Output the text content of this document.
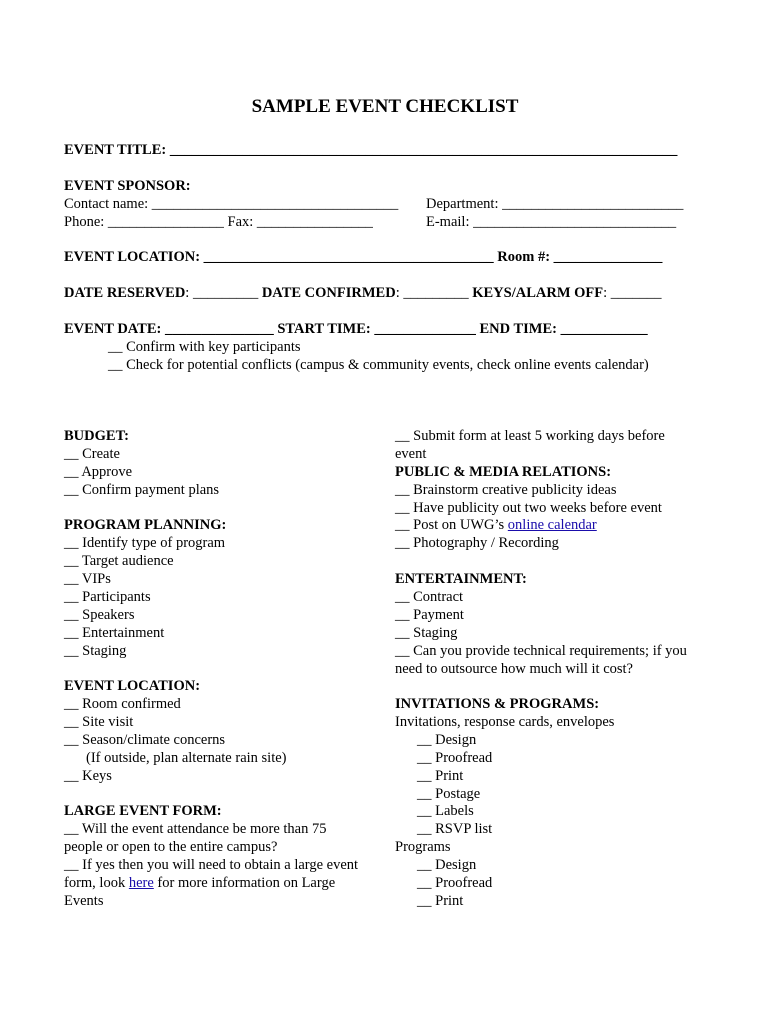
SAMPLE EVENT CHECKLIST
EVENT TITLE: ______________________________________________________________________
EVENT SPONSOR:
Contact name: __________________________________ Department: _________________________
Phone: ________________ Fax: ________________	E-mail: ____________________________
EVENT LOCATION: ________________________________________ Room #: _______________
DATE RESERVED: _________ DATE CONFIRMED: _________ KEYS/ALARM OFF: _______
EVENT DATE: _______________ START TIME: ______________ END TIME: ____________
__ Confirm with key participants
__ Check for potential conflicts (campus & community events, check online events calendar)
BUDGET:
__ Create
__ Approve
__ Confirm payment plans
PROGRAM PLANNING:
__ Identify type of program
__ Target audience
__ VIPs
__ Participants
__ Speakers
__ Entertainment
__ Staging
EVENT LOCATION:
__ Room confirmed
__ Site visit
__ Season/climate concerns
(If outside, plan alternate rain site)
__ Keys
LARGE EVENT FORM:
__ Will the event attendance be more than 75
people or open to the entire campus?
__ If yes then you will need to obtain a large event
form, look here for more information on Large
Events
__ Submit form at least 5 working days before
event
PUBLIC & MEDIA RELATIONS:
__ Brainstorm creative publicity ideas
__ Have publicity out two weeks before event
__ Post on UWG’s online calendar
__ Photography / Recording
ENTERTAINMENT:
__ Contract
__ Payment
__ Staging
__ Can you provide technical requirements; if you
need to outsource how much will it cost?
INVITATIONS & PROGRAMS:
Invitations, response cards, envelopes
__ Design
__ Proofread
__ Print
__ Postage
__ Labels
__ RSVP list
Programs
__ Design
__ Proofread
__ Print
